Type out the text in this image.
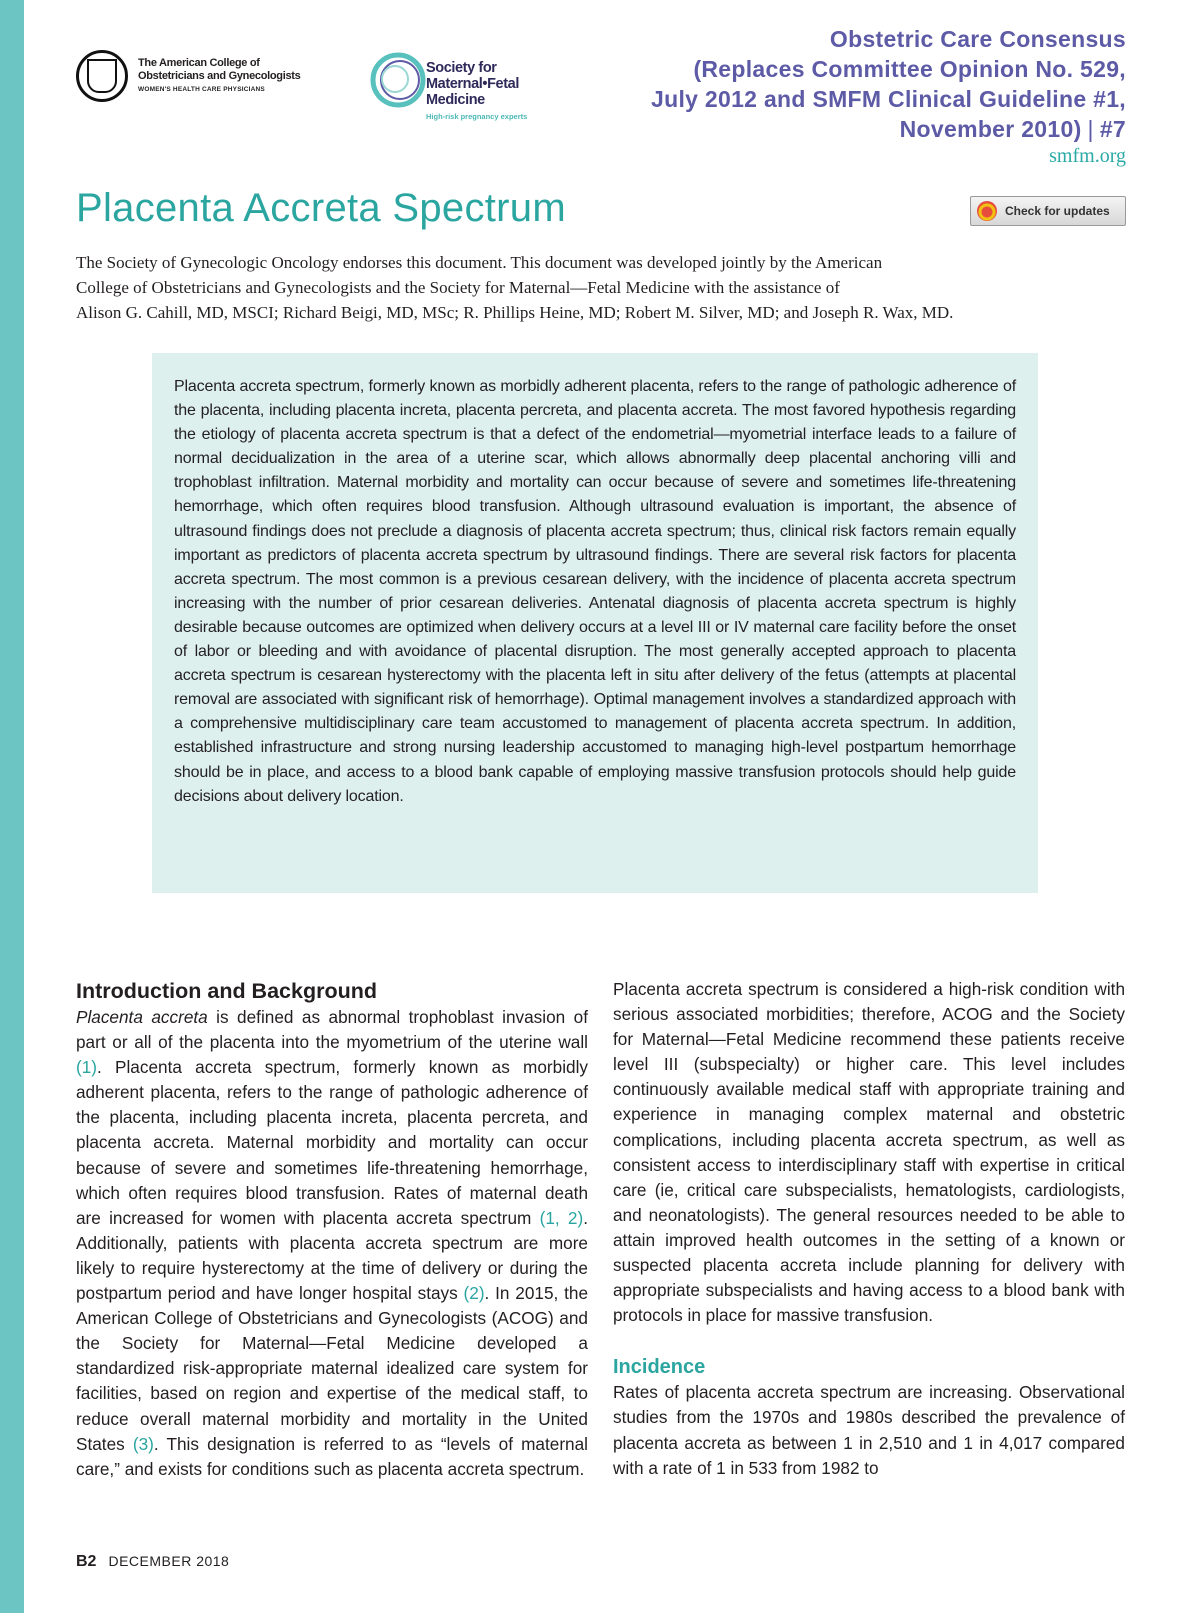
The American College of
Obstetricians and Gynecologists
WOMEN'S HEALTH CARE PHYSICIANS
Society for
Maternal•Fetal
Medicine
High-risk pregnancy experts
Obstetric Care Consensus
(Replaces Committee Opinion No. 529,
July 2012 and SMFM Clinical Guideline #1,
November 2010) | #7
smfm.org
Placenta Accreta Spectrum	Check for updates

The Society of Gynecologic Oncology endorses this document. This document was developed jointly by the American
College of Obstetricians and Gynecologists and the Society for Maternal—Fetal Medicine with the assistance of
Alison G. Cahill, MD, MSCI; Richard Beigi, MD, MSc; R. Phillips Heine, MD; Robert M. Silver, MD; and Joseph R. Wax, MD.

Placenta accreta spectrum, formerly known as morbidly adherent placenta, refers to the range of pathologic adherence of the placenta, including placenta increta, placenta percreta, and placenta accreta. The most favored hypothesis regarding the etiology of placenta accreta spectrum is that a defect of the endometrial—myometrial interface leads to a failure of normal decidualization in the area of a uterine scar, which allows abnormally deep placental anchoring villi and trophoblast infiltration. Maternal morbidity and mortality can occur because of severe and sometimes life-threatening hemorrhage, which often requires blood transfusion. Although ultrasound evaluation is important, the absence of ultrasound findings does not preclude a diagnosis of placenta accreta spectrum; thus, clinical risk factors remain equally important as predictors of placenta accreta spectrum by ultrasound findings. There are several risk factors for placenta accreta spectrum. The most common is a previous cesarean delivery, with the incidence of placenta accreta spectrum increasing with the number of prior cesarean deliveries. Antenatal diagnosis of placenta accreta spectrum is highly desirable because outcomes are optimized when delivery occurs at a level III or IV maternal care facility before the onset of labor or bleeding and with avoidance of placental disruption. The most generally accepted approach to placenta accreta spectrum is cesarean hysterectomy with the placenta left in situ after delivery of the fetus (attempts at placental removal are associated with significant risk of hemorrhage). Optimal management involves a standardized approach with a comprehensive multidisciplinary care team accustomed to management of placenta accreta spectrum. In addition, established infrastructure and strong nursing leadership accustomed to managing high-level postpartum hemorrhage should be in place, and access to a blood bank capable of employing massive transfusion protocols should help guide decisions about delivery location.

Introduction and Background

Placenta accreta is defined as abnormal trophoblast invasion of part or all of the placenta into the myometrium of the uterine wall (1). Placenta accreta spectrum, formerly known as morbidly adherent placenta, refers to the range of pathologic adherence of the placenta, including placenta increta, placenta percreta, and placenta accreta. Maternal morbidity and mortality can occur because of severe and sometimes life-threatening hemorrhage, which often requires blood transfusion. Rates of maternal death are increased for women with placenta accreta spectrum (1, 2). Additionally, patients with placenta accreta spectrum are more likely to require hysterectomy at the time of delivery or during the postpartum period and have longer hospital stays (2). In 2015, the American College of Obstetricians and Gynecologists (ACOG) and the Society for Maternal—Fetal Medicine developed a standardized risk-appropriate maternal idealized care system for facilities, based on region and expertise of the medical staff, to reduce overall maternal morbidity and mortality in the United States (3). This designation is referred to as “levels of maternal care,” and exists for conditions such as placenta accreta spectrum.

Placenta accreta spectrum is considered a high-risk condition with serious associated morbidities; therefore, ACOG and the Society for Maternal—Fetal Medicine recommend these patients receive level III (subspecialty) or higher care. This level includes continuously available medical staff with appropriate training and experience in managing complex maternal and obstetric complications, including placenta accreta spectrum, as well as consistent access to interdisciplinary staff with expertise in critical care (ie, critical care subspecialists, hematologists, cardiologists, and neonatologists). The general resources needed to be able to attain improved health outcomes in the setting of a known or suspected placenta accreta include planning for delivery with appropriate subspecialists and having access to a blood bank with protocols in place for massive transfusion.

Incidence

Rates of placenta accreta spectrum are increasing. Observational studies from the 1970s and 1980s described the prevalence of placenta accreta as between 1 in 2,510 and 1 in 4,017 compared with a rate of 1 in 533 from 1982 to

B2 DECEMBER 2018
